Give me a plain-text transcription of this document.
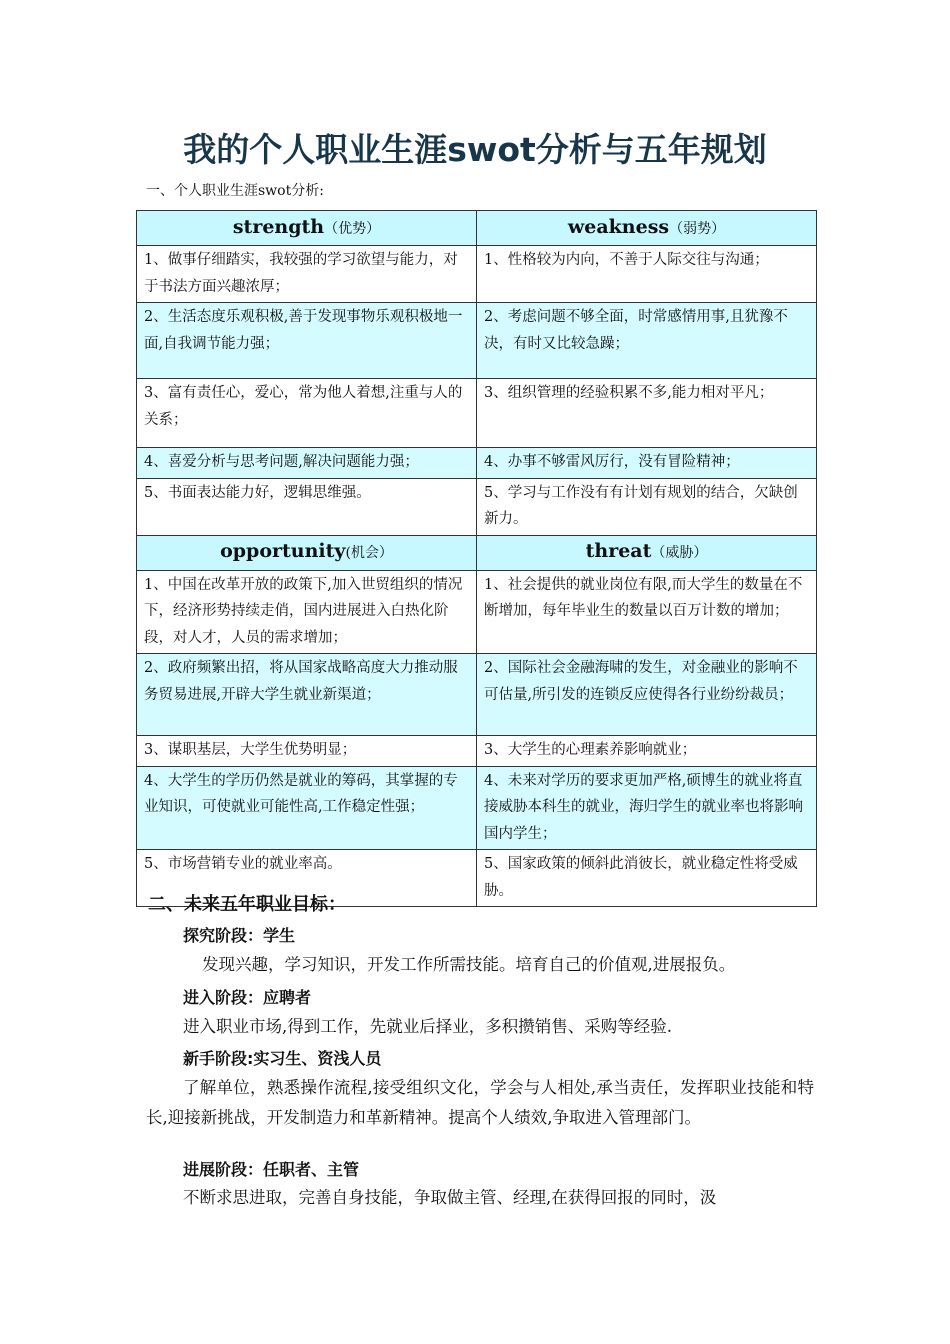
我的个人职业生涯swot分析与五年规划
一、个人职业生涯swot分析:
strength（优势）	weakness（弱势）
1、做事仔细踏实，我较强的学习欲望与能力，对于书法方面兴趣浓厚；	1、性格较为内向，不善于人际交往与沟通；
2、生活态度乐观积极,善于发现事物乐观积极地一面,自我调节能力强；	2、考虑问题不够全面，时常感情用事,且犹豫不决，有时又比较急躁；
3、富有责任心，爱心，常为他人着想,注重与人的关系；	3、组织管理的经验积累不多,能力相对平凡；
4、喜爱分析与思考问题,解决问题能力强；	4、办事不够雷风厉行，没有冒险精神；
5、书面表达能力好，逻辑思维强。	5、学习与工作没有有计划有规划的结合，欠缺创新力。
opportunity(机会）	threat（威胁）
1、中国在改革开放的政策下,加入世贸组织的情况下，经济形势持续走俏，国内进展进入白热化阶段，对人才，人员的需求增加；	1、社会提供的就业岗位有限,而大学生的数量在不断增加，每年毕业生的数量以百万计数的增加；
2、政府频繁出招，将从国家战略高度大力推动服务贸易进展,开辟大学生就业新渠道；	2、国际社会金融海啸的发生，对金融业的影响不可估量,所引发的连锁反应使得各行业纷纷裁员；
3、谋职基层，大学生优势明显；	3、大学生的心理素养影响就业；
4、大学生的学历仍然是就业的筹码，其掌握的专业知识，可使就业可能性高,工作稳定性强；	4、未来对学历的要求更加严格,硕博生的就业将直接威胁本科生的就业，海归学生的就业率也将影响国内学生；
5、市场营销专业的就业率高。	5、国家政策的倾斜此消彼长，就业稳定性将受威胁。
二、未来五年职业目标：
探究阶段：学生
发现兴趣，学习知识，开发工作所需技能。培育自己的价值观,进展报负。
进入阶段：应聘者
进入职业市场,得到工作，先就业后择业，多积攒销售、采购等经验.
新手阶段:实习生、资浅人员
了解单位，熟悉操作流程,接受组织文化，学会与人相处,承当责任，发挥职业技能和特长,迎接新挑战，开发制造力和革新精神。提高个人绩效,争取进入管理部门。
进展阶段：任职者、主管
不断求思进取，完善自身技能，争取做主管、经理,在获得回报的同时，汲
